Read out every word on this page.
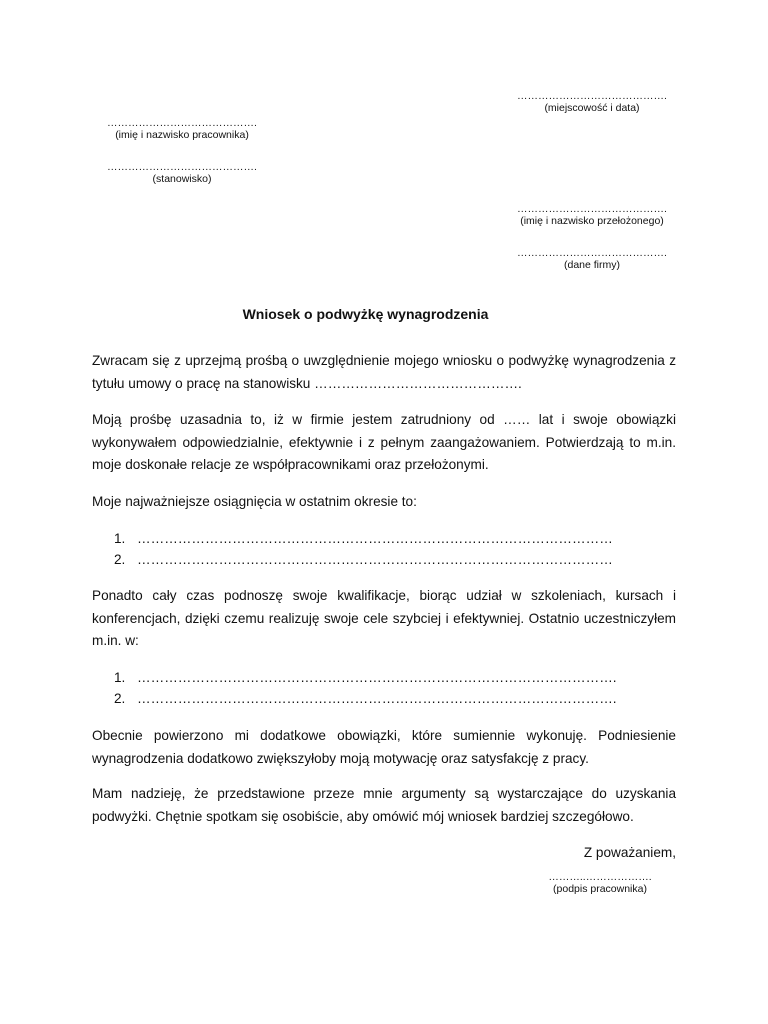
…………………………………….
(miejscowość i data)
…………………………………….
(imię i nazwisko pracownika)
…………………………………….
(stanowisko)
…………………………………….
(imię i nazwisko przełożonego)
…………………………………….
(dane firmy)
Wniosek o podwyżkę wynagrodzenia
Zwracam się z uprzejmą prośbą o uwzględnienie mojego wniosku o podwyżkę wynagrodzenia z tytułu umowy o pracę na stanowisku ……………………………………….
Moją prośbę uzasadnia to, iż w firmie jestem zatrudniony od …… lat i swoje obowiązki wykonywałem odpowiedzialnie, efektywnie i z pełnym zaangażowaniem. Potwierdzają to m.in. moje doskonałe relacje ze współpracownikami oraz przełożonymi.
Moje najważniejsze osiągnięcia w ostatnim okresie to:
1. ……………………………………………………………………………………………
2. ……………………………………………………………………………………………
Ponadto cały czas podnoszę swoje kwalifikacje, biorąc udział w szkoleniach, kursach i konferencjach, dzięki czemu realizuję swoje cele szybciej i efektywniej. Ostatnio uczestniczyłem m.in. w:
1. …………………………………………………………………………………………….
2. …………………………………………………………………………………………….
Obecnie powierzono mi dodatkowe obowiązki, które sumiennie wykonuję. Podniesienie wynagrodzenia dodatkowo zwiększyłoby moją motywację oraz satysfakcję z pracy.
Mam nadzieję, że przedstawione przeze mnie argumenty są wystarczające do uzyskania podwyżki. Chętnie spotkam się osobiście, aby omówić mój wniosek bardziej szczegółowo.
Z poważaniem,
………..……………….
(podpis pracownika)
